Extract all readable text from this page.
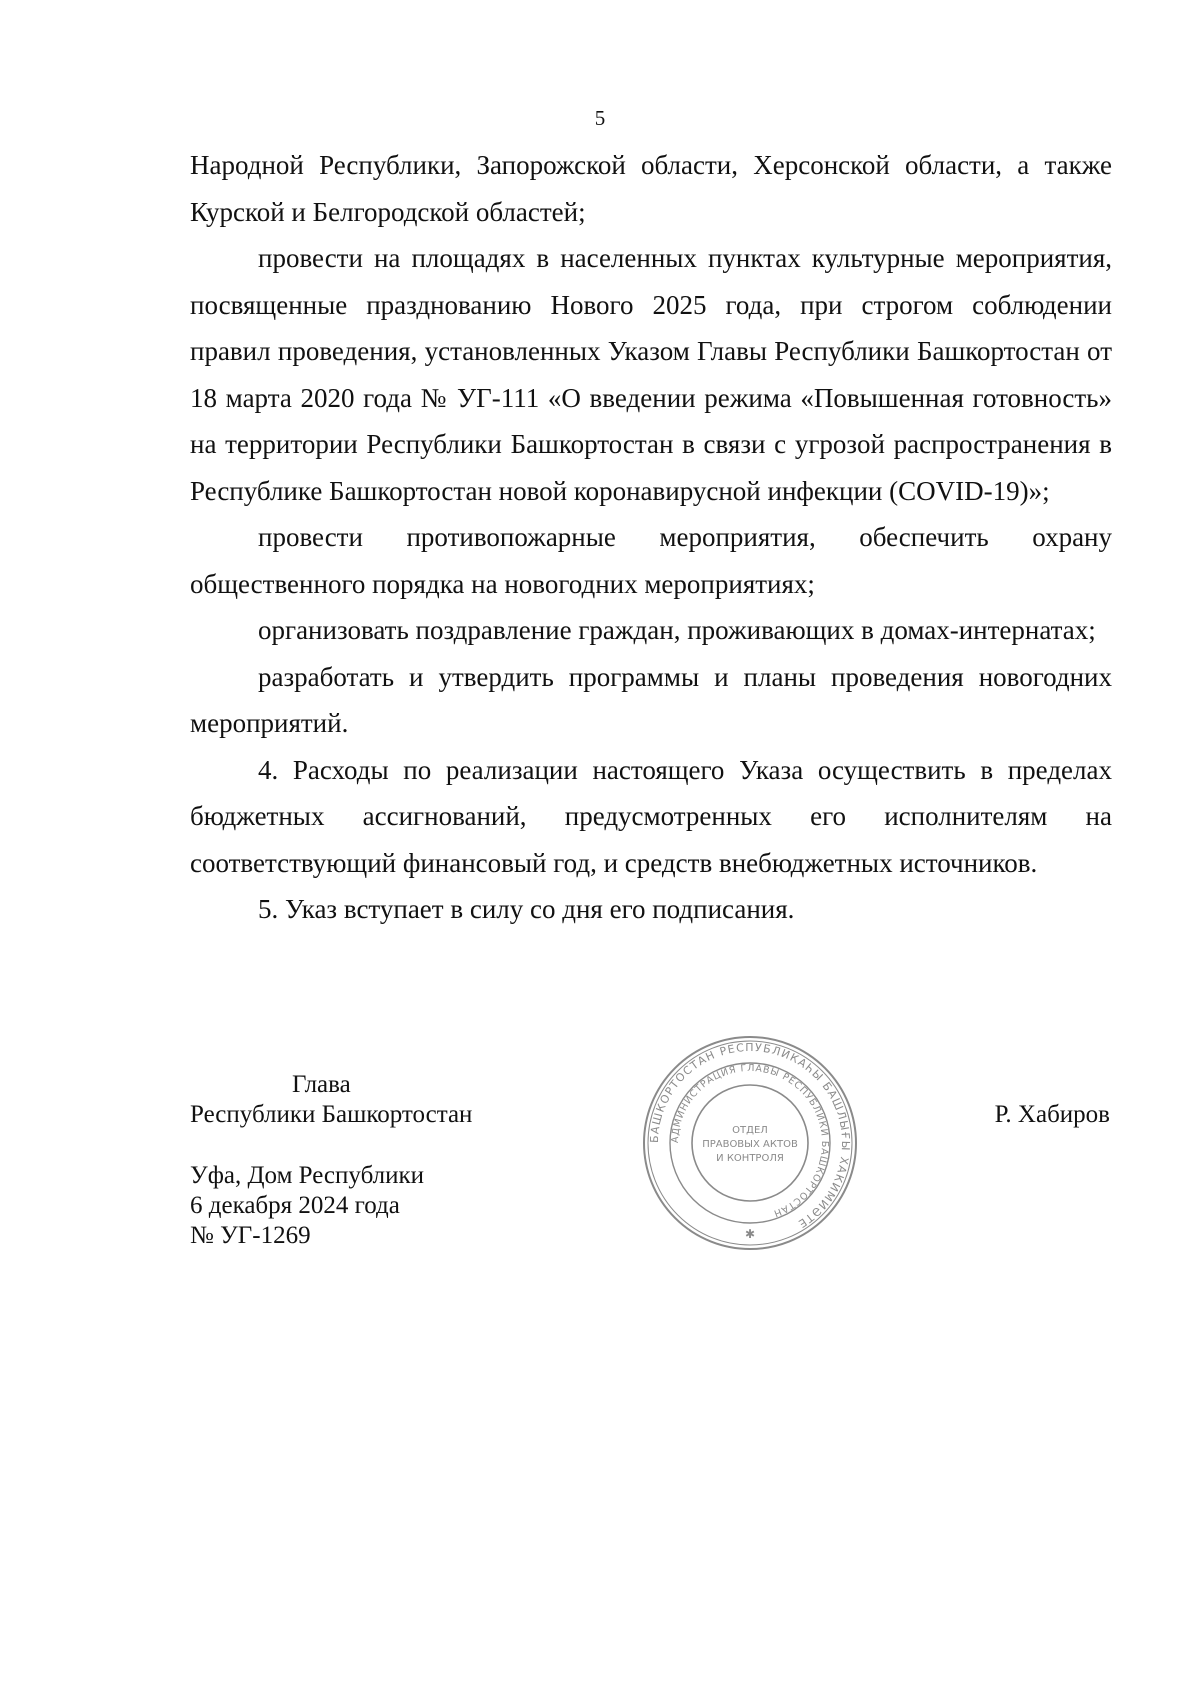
5

Народной Республики, Запорожской области, Херсонской области, а также Курской и Белгородской областей;

провести на площадях в населенных пунктах культурные мероприятия, посвященные празднованию Нового 2025 года, при строгом соблюдении правил проведения, установленных Указом Главы Республики Башкортостан от 18 марта 2020 года № УГ-111 «О введении режима «Повышенная готовность» на территории Республики Башкортостан в связи с угрозой распространения в Республике Башкортостан новой коронавирусной инфекции (COVID-19)»;

провести противопожарные мероприятия, обеспечить охрану общественного порядка на новогодних мероприятиях;

организовать поздравление граждан, проживающих в домах-интернатах;

разработать и утвердить программы и планы проведения новогодних мероприятий.

4. Расходы по реализации настоящего Указа осуществить в пределах бюджетных ассигнований, предусмотренных его исполнителям на соответствующий финансовый год, и средств внебюджетных источников.

5. Указ вступает в силу со дня его подписания.

Глава
Республики Башкортостан	Р. Хабиров
Уфа, Дом Республики
6 декабря 2024 года
№ УГ-1269
БАШКОРТОСТАН РЕСПУБЛИКАҺЫ БАШЛЫҒЫ ХАКИМИӘТЕ
АДМИНИСТРАЦИЯ ГЛАВЫ РЕСПУБЛИКИ БАШКОРТОСТАН
ОТДЕЛ
ПРАВОВЫХ АКТОВ
И КОНТРОЛЯ
✱
